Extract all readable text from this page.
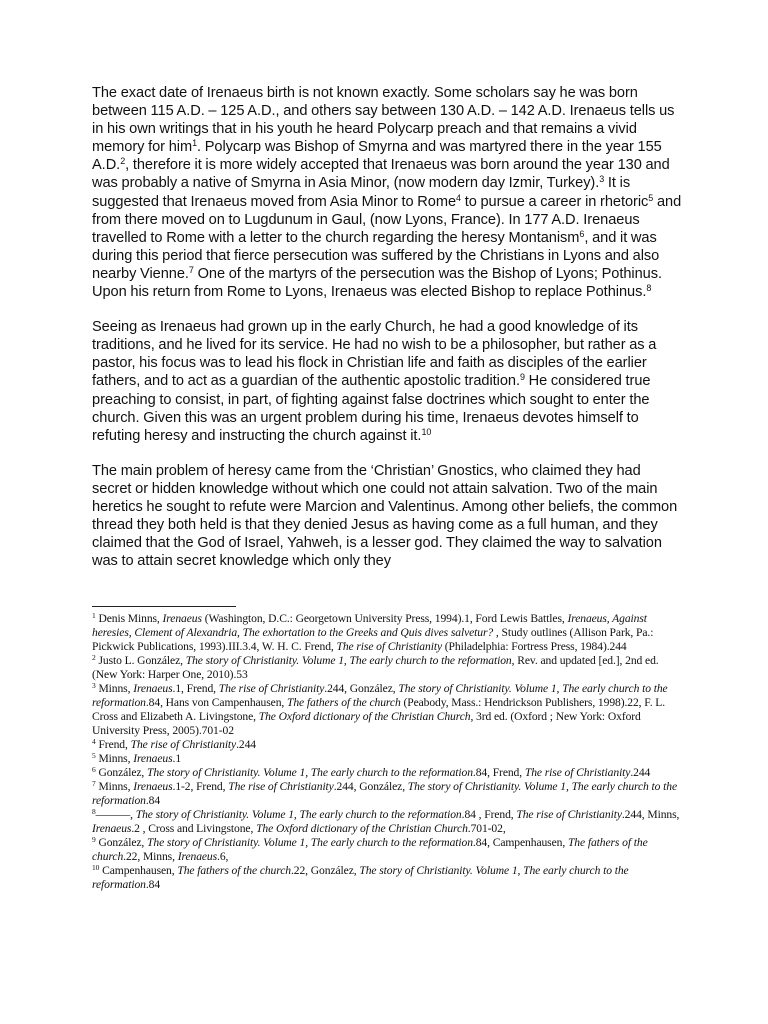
The exact date of Irenaeus birth is not known exactly. Some scholars say he was born between 115 A.D. – 125 A.D., and others say between 130 A.D. – 142 A.D. Irenaeus tells us in his own writings that in his youth he heard Polycarp preach and that remains a vivid memory for him$^1$. Polycarp was Bishop of Smyrna and was martyred there in the year 155 A.D.$^2$, therefore it is more widely accepted that Irenaeus was born around the year 130 and was probably a native of Smyrna in Asia Minor, (now modern day Izmir, Turkey).$^3$ It is suggested that Irenaeus moved from Asia Minor to Rome$^4$ to pursue a career in rhetoric$^5$ and from there moved on to Lugdunum in Gaul, (now Lyons, France). In 177 A.D. Irenaeus travelled to Rome with a letter to the church regarding the heresy Montanism$^6$, and it was during this period that fierce persecution was suffered by the Christians in Lyons and also nearby Vienne.$^7$ One of the martyrs of the persecution was the Bishop of Lyons; Pothinus. Upon his return from Rome to Lyons, Irenaeus was elected Bishop to replace Pothinus.$^8$

Seeing as Irenaeus had grown up in the early Church, he had a good knowledge of its traditions, and he lived for its service. He had no wish to be a philosopher, but rather as a pastor, his focus was to lead his flock in Christian life and faith as disciples of the earlier fathers, and to act as a guardian of the authentic apostolic tradition.$^9$ He considered true preaching to consist, in part, of fighting against false doctrines which sought to enter the church. Given this was an urgent problem during his time, Irenaeus devotes himself to refuting heresy and instructing the church against it.$^{10}$

The main problem of heresy came from the ‘Christian’ Gnostics, who claimed they had secret or hidden knowledge without which one could not attain salvation. Two of the main heretics he sought to refute were Marcion and Valentinus. Among other beliefs, the common thread they both held is that they denied Jesus as having come as a full human, and they claimed that the God of Israel, Yahweh, is a lesser god. They claimed the way to salvation was to attain secret knowledge which only they

$^1$ Denis Minns, Irenaeus (Washington, D.C.: Georgetown University Press, 1994).1, Ford Lewis Battles, Irenaeus, Against heresies, Clement of Alexandria, The exhortation to the Greeks and Quis dives salvetur? , Study outlines (Allison Park, Pa.: Pickwick Publications, 1993).III.3.4, W. H. C. Frend, The rise of Christianity (Philadelphia: Fortress Press, 1984).244

$^2$ Justo L. González, The story of Christianity. Volume 1, The early church to the reformation, Rev. and updated [ed.], 2nd ed. (New York: Harper One, 2010).53

$^3$ Minns, Irenaeus.1, Frend, The rise of Christianity.244, González, The story of Christianity. Volume 1, The early church to the reformation.84, Hans von Campenhausen, The fathers of the church (Peabody, Mass.: Hendrickson Publishers, 1998).22, F. L. Cross and Elizabeth A. Livingstone, The Oxford dictionary of the Christian Church, 3rd ed. (Oxford ; New York: Oxford University Press, 2005).701-02

$^4$ Frend, The rise of Christianity.244

$^5$ Minns, Irenaeus.1

$^6$ González, The story of Christianity. Volume 1, The early church to the reformation.84, Frend, The rise of Christianity.244

$^7$ Minns, Irenaeus.1-2, Frend, The rise of Christianity.244, González, The story of Christianity. Volume 1, The early church to the reformation.84

$^8$———, The story of Christianity. Volume 1, The early church to the reformation.84 , Frend, The rise of Christianity.244, Minns, Irenaeus.2 , Cross and Livingstone, The Oxford dictionary of the Christian Church.701-02,

$^9$ González, The story of Christianity. Volume 1, The early church to the reformation.84, Campenhausen, The fathers of the church.22, Minns, Irenaeus.6,

$^{10}$ Campenhausen, The fathers of the church.22, González, The story of Christianity. Volume 1, The early church to the reformation.84
